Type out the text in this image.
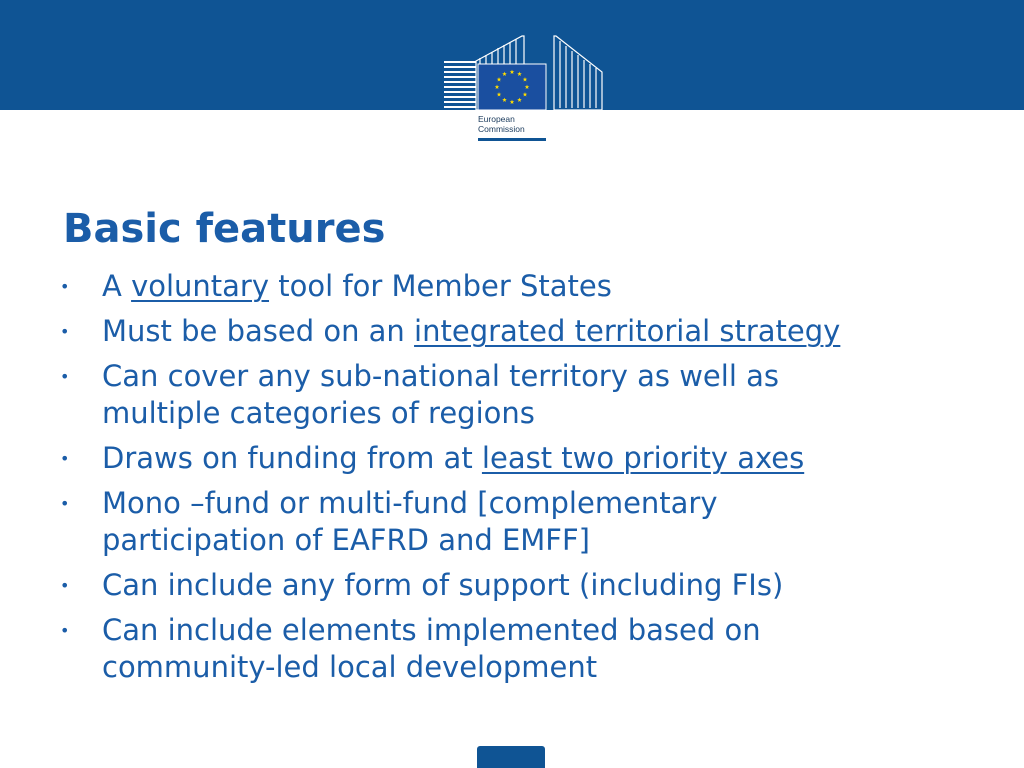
European
Commission
Basic features
• A voluntary tool for Member States
• Must be based on an integrated territorial strategy
• Can cover any sub-national territory as well as
multiple categories of regions
• Draws on funding from at least two priority axes
• Mono –fund or multi-fund [complementary
participation of EAFRD and EMFF]
• Can include any form of support (including FIs)
• Can include elements implemented based on
community-led local development
